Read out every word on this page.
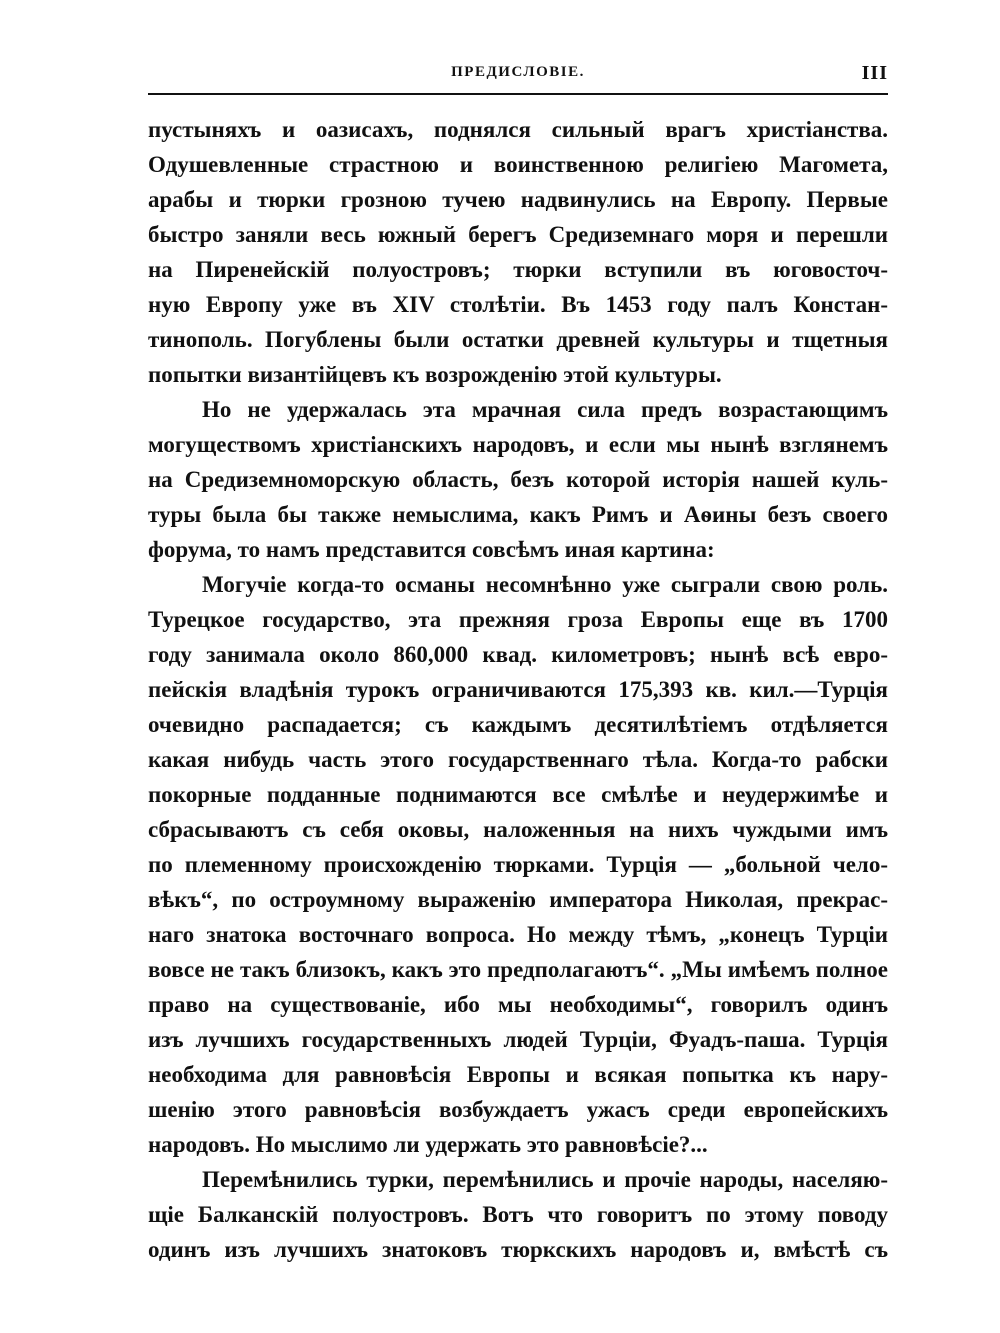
ПРЕДИСЛОВІЕ.	III
пустыняхъ и оазисахъ, поднялся сильный врагъ христіанства.
Одушевленные страстною и воинственною религіею Магомета,
арабы и тюрки грозною тучею надвинулись на Европу. Первые
быстро заняли весь южный берегъ Средиземнаго моря и перешли
на Пиренейскій полуостровъ; тюрки вступили въ юговосточ-
ную Европу уже въ XIV столѣтіи. Въ 1453 году палъ Констан-
тинополь. Погублены были остатки древней культуры и тщетныя
попытки византійцевъ къ возрожденію этой культуры.
Но не удержалась эта мрачная сила предъ возрастающимъ
могуществомъ христіанскихъ народовъ, и если мы нынѣ взглянемъ
на Средиземноморскую область, безъ которой исторія нашей куль-
туры была бы также немыслима, какъ Римъ и Аѳины безъ своего
форума, то намъ представится совсѣмъ иная картина:
Могучіе когда-то османы несомнѣнно уже сыграли свою роль.
Турецкое государство, эта прежняя гроза Европы еще въ 1700
году занимала около 860,000 квад. километровъ; нынѣ всѣ евро-
пейскія владѣнія турокъ ограничиваются 175,393 кв. кил.—Турція
очевидно распадается; съ каждымъ десятилѣтіемъ отдѣляется
какая нибудь часть этого государственнаго тѣла. Когда-то рабски
покорные подданные поднимаются все смѣлѣе и неудержимѣе и
сбрасываютъ съ себя оковы, наложенныя на нихъ чуждыми имъ
по племенному происхожденію тюрками. Турція — „больной чело-
вѣкъ“, по остроумному выраженію императора Николая, прекрас-
наго знатока восточнаго вопроса. Но между тѣмъ, „конецъ Турціи
вовсе не такъ близокъ, какъ это предполагаютъ“. „Мы имѣемъ полное
право на существованіе, ибо мы необходимы“, говорилъ одинъ
изъ лучшихъ государственныхъ людей Турціи, Фуадъ-паша. Турція
необходима для равновѣсія Европы и всякая попытка къ нару-
шенію этого равновѣсія возбуждаетъ ужасъ среди европейскихъ
народовъ. Но мыслимо ли удержать это равновѣсіе?...
Перемѣнились турки, перемѣнились и прочіе народы, населяю-
щіе Балканскій полуостровъ. Вотъ что говоритъ по этому поводу
одинъ изъ лучшихъ знатоковъ тюркскихъ народовъ и, вмѣстѣ съ
